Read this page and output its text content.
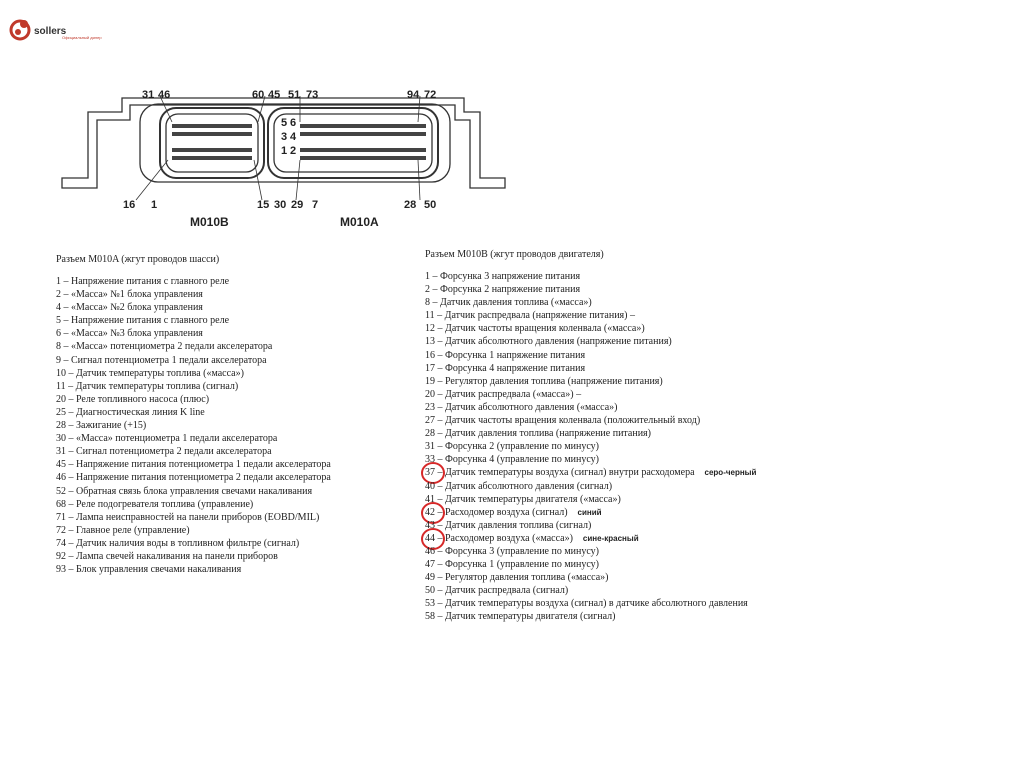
sollers
Официальный дилер
5 6
3 4
1 2
31 46	60 45 51 73	94 72
16 1	15 30 29 7	28 50
M010B	M010A
Разъем M010A (жгут проводов шасси)
1 – Напряжение питания с главного реле
2 – «Масса» №1 блока управления
4 – «Масса» №2 блока управления
5 – Напряжение питания с главного реле
6 – «Масса» №3 блока управления
8 – «Масса» потенциометра 2 педали акселератора
9 – Сигнал потенциометра 1 педали акселератора
10 – Датчик температуры топлива («масса»)
11 – Датчик температуры топлива (сигнал)
20 – Реле топливного насоса (плюс)
25 – Диагностическая линия K line
28 – Зажигание (+15)
30 – «Масса» потенциометра 1 педали акселератора
31 – Сигнал потенциометра 2 педали акселератора
45 – Напряжение питания потенциометра 1 педали акселератора
46 – Напряжение питания потенциометра 2 педали акселератора
52 – Обратная связь блока управления свечами накаливания
68 – Реле подогревателя топлива (управление)
71 – Лампа неисправностей на панели приборов (EOBD/MIL)
72 – Главное реле (управление)
74 – Датчик наличия воды в топливном фильтре (сигнал)
92 – Лампа свечей накаливания на панели приборов
93 – Блок управления свечами накаливания
Разъем M010B (жгут проводов двигателя)
1 – Форсунка 3 напряжение питания
2 – Форсунка 2 напряжение питания
8 – Датчик давления топлива («масса»)
11 – Датчик распредвала (напряжение питания) –
12 – Датчик частоты вращения коленвала («масса»)
13 – Датчик абсолютного давления (напряжение питания)
16 – Форсунка 1 напряжение питания
17 – Форсунка 4 напряжение питания
19 – Регулятор давления топлива (напряжение питания)
20 – Датчик распредвала («масса») –
23 – Датчик абсолютного давления («масса»)
27 – Датчик частоты вращения коленвала (положительный вход)
28 – Датчик давления топлива (напряжение питания)
31 – Форсунка 2 (управление по минусу)
33 – Форсунка 4 (управление по минусу)
37 – Датчик температуры воздуха (сигнал) внутри расходомера серо-черный
40 – Датчик абсолютного давления (сигнал)
41 – Датчик температуры двигателя («масса»)
42 – Расходомер воздуха (сигнал) синий
43 – Датчик давления топлива (сигнал)
44 – Расходомер воздуха («масса») сине-красный
46 – Форсунка 3 (управление по минусу)
47 – Форсунка 1 (управление по минусу)
49 – Регулятор давления топлива («масса»)
50 – Датчик распредвала (сигнал)
53 – Датчик температуры воздуха (сигнал) в датчике абсолютного давления
58 – Датчик температуры двигателя (сигнал)
